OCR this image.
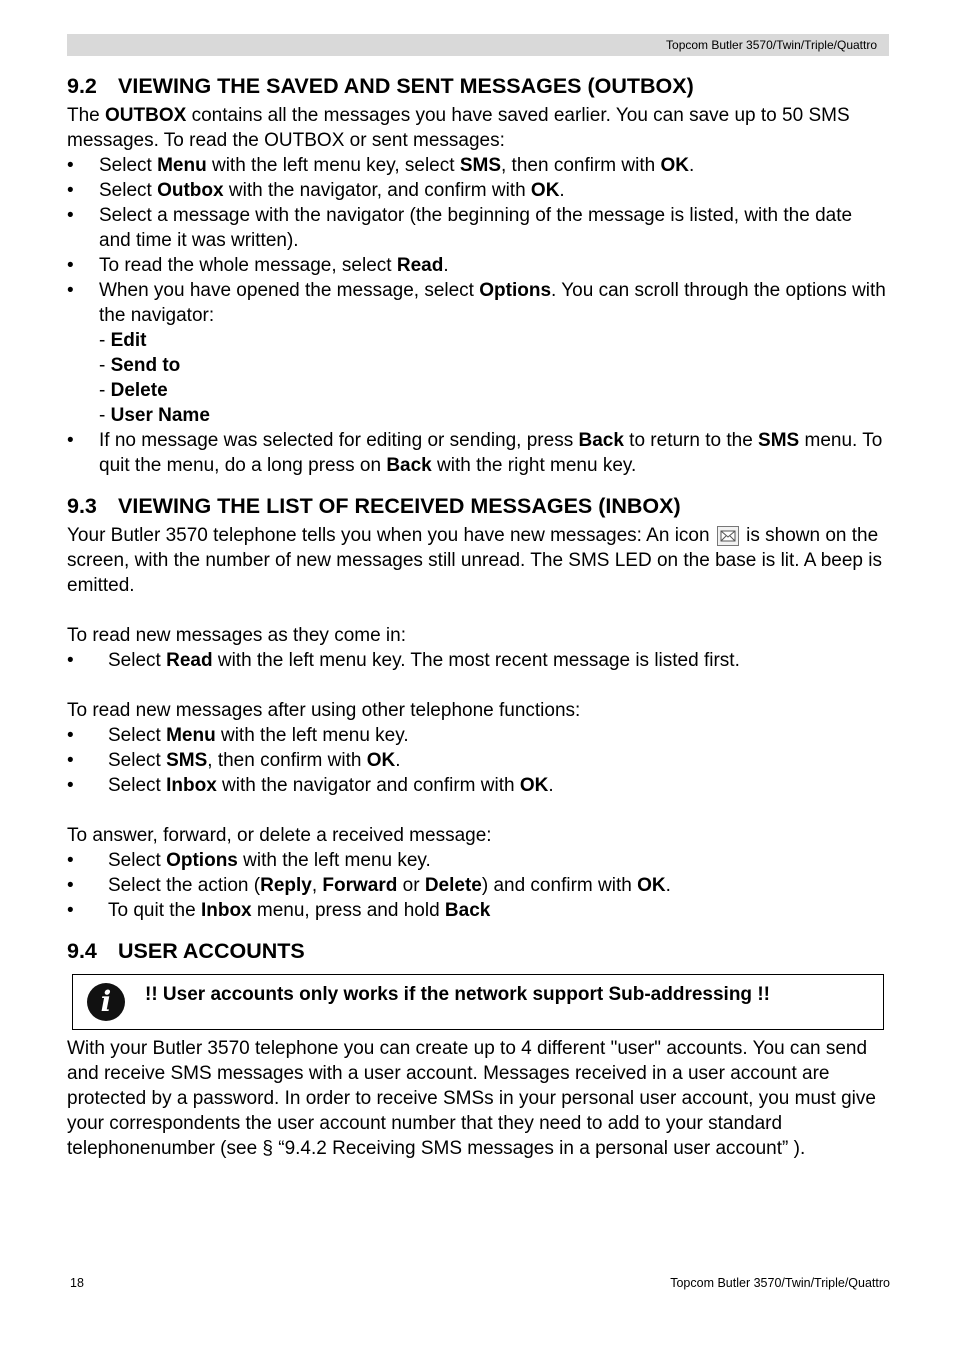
Topcom Butler 3570/Twin/Triple/Quattro
9.2 VIEWING THE SAVED AND SENT MESSAGES (OUTBOX)

The OUTBOX contains all the messages you have saved earlier. You can save up to 50 SMS messages. To read the OUTBOX or sent messages:

•	Select Menu with the left menu key, select SMS, then confirm with OK.
•	Select Outbox with the navigator, and confirm with OK.
•	Select a message with the navigator (the beginning of the message is listed, with the date and time it was written).
•	To read the whole message, select Read.
•	When you have opened the message, select Options. You can scroll through the options with the navigator:
- Edit
- Send to
- Delete
- User Name
•	If no message was selected for editing or sending, press Back to return to the SMS menu. To quit the menu, do a long press on Back with the right menu key.
9.3 VIEWING THE LIST OF RECEIVED MESSAGES (INBOX)

Your Butler 3570 telephone tells you when you have new messages: An icon  is shown on the screen, with the number of new messages still unread. The SMS LED on the base is lit. A beep is emitted.

To read new messages as they come in:

•	Select Read with the left menu key. The most recent message is listed first.

To read new messages after using other telephone functions:

•	Select Menu with the left menu key.
•	Select SMS, then confirm with OK.
•	Select Inbox with the navigator and confirm with OK.

To answer, forward, or delete a received message:

•	Select Options with the left menu key.
•	Select the action (Reply, Forward or Delete) and confirm with OK.
•	To quit the Inbox menu, press and hold Back
9.4 USER ACCOUNTS
i	!! User accounts only works if the network support Sub-addressing !!

With your Butler 3570 telephone you can create up to 4 different "user" accounts. You can send and receive SMS messages with a user account. Messages received in a user account are protected by a password. In order to receive SMSs in your personal user account, you must give your correspondents the user account number that they need to add to your standard telephonenumber (see § “9.4.2 Receiving SMS messages in a personal user account” ).

18	Topcom Butler 3570/Twin/Triple/Quattro
